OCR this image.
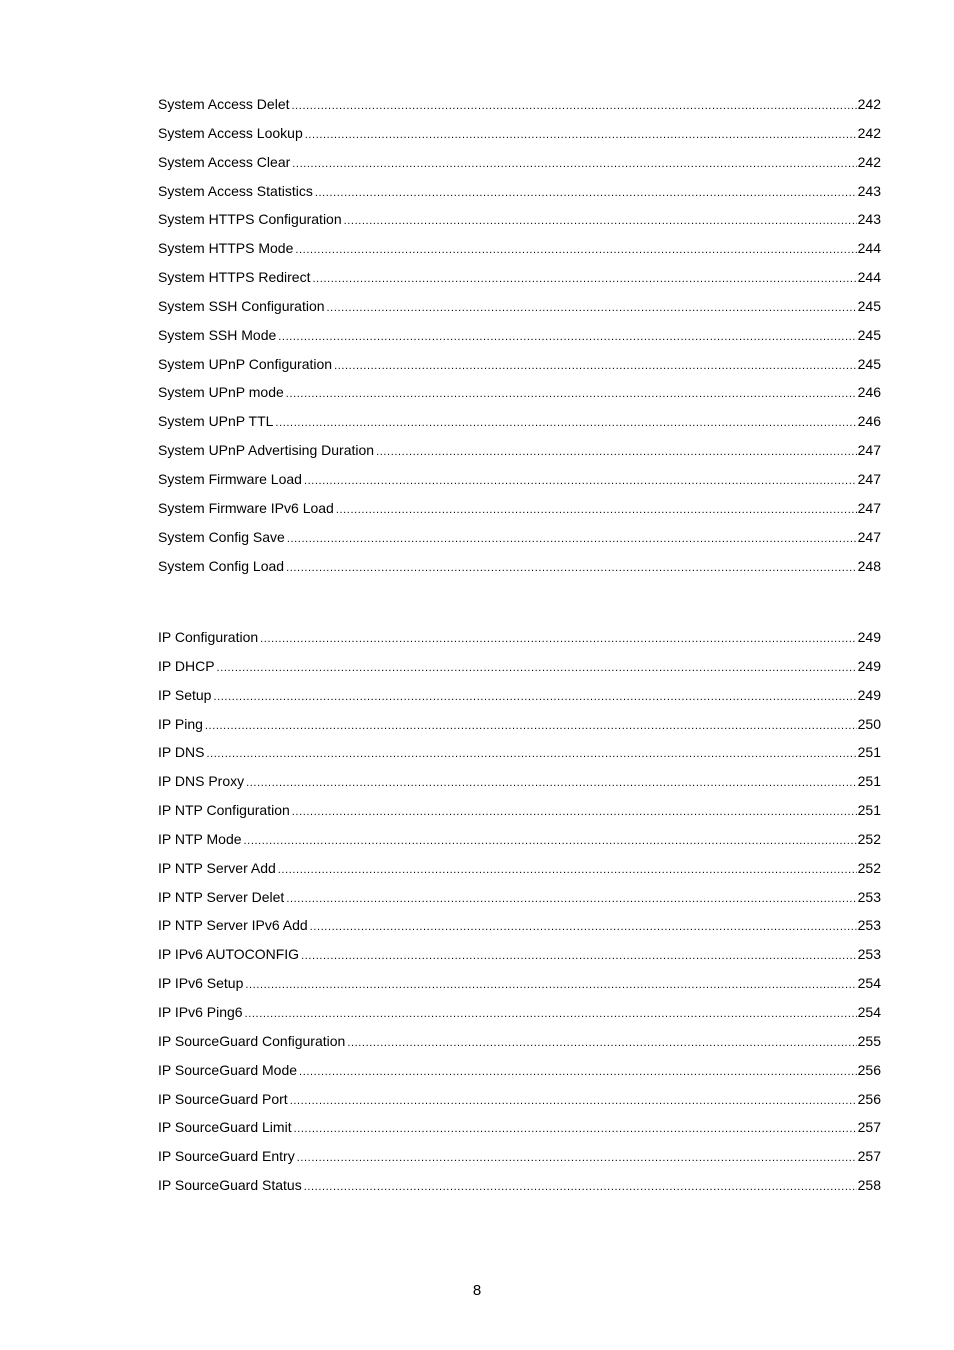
System Access Delet .....	242
System Access Lookup .....	242
System Access Clear .....	242
System Access Statistics .....	243
System HTTPS Configuration .....	243
System HTTPS Mode .....	244
System HTTPS Redirect .....	244
System SSH Configuration .....	245
System SSH Mode .....	245
System UPnP Configuration .....	245
System UPnP mode .....	246
System UPnP TTL .....	246
System UPnP Advertising Duration .....	247
System Firmware Load .....	247
System Firmware IPv6 Load .....	247
System Config Save .....	247
System Config Load .....	248
IP Configuration .....	249
IP DHCP .....	249
IP Setup .....	249
IP Ping .....	250
IP DNS .....	251
IP DNS Proxy .....	251
IP NTP Configuration .....	251
IP NTP Mode .....	252
IP NTP Server Add .....	252
IP NTP Server Delet .....	253
IP NTP Server IPv6 Add .....	253
IP IPv6 AUTOCONFIG .....	253
IP IPv6 Setup .....	254
IP IPv6 Ping6 .....	254
IP SourceGuard Configuration .....	255
IP SourceGuard Mode .....	256
IP SourceGuard Port .....	256
IP SourceGuard Limit .....	257
IP SourceGuard Entry .....	257
IP SourceGuard Status .....	258
8
